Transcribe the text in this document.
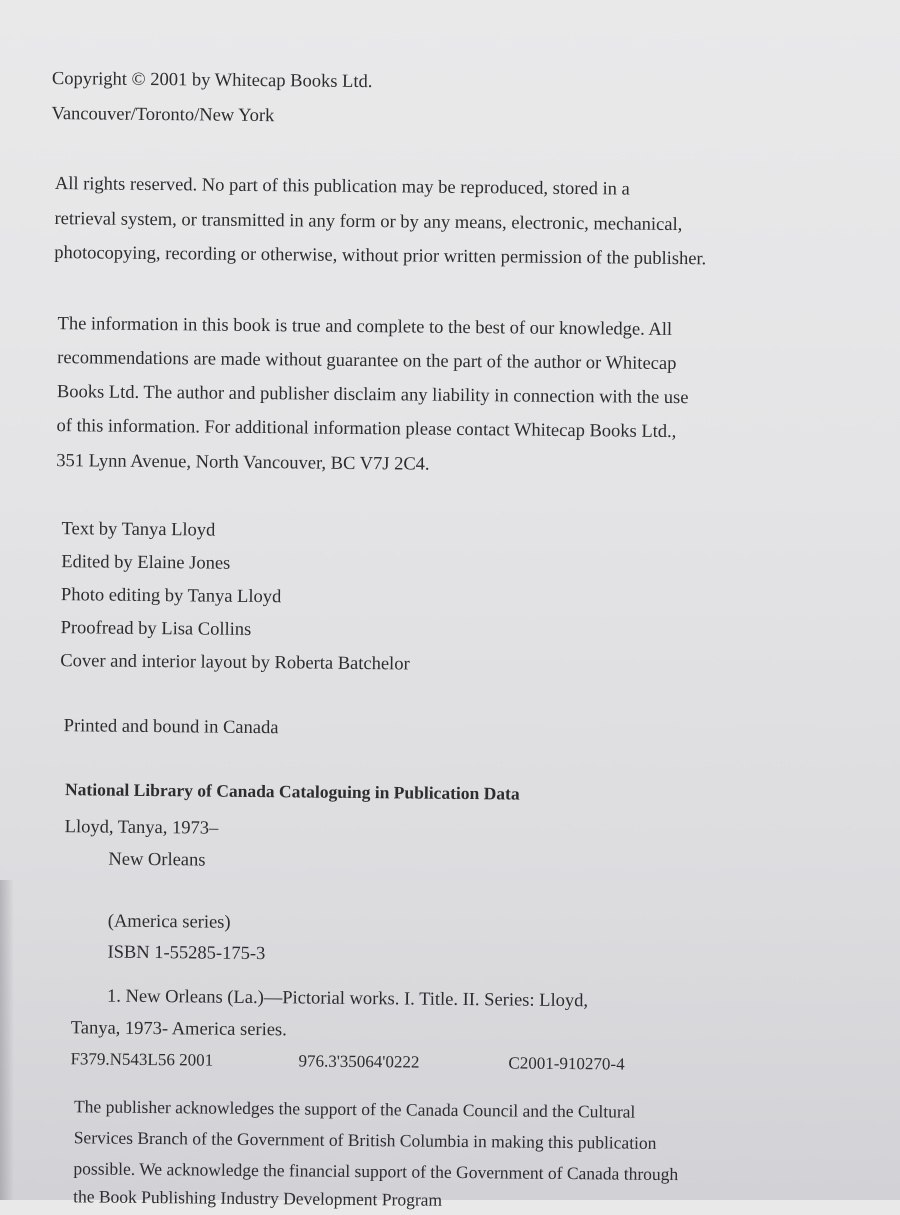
Copyright © 2001 by Whitecap Books Ltd.
Vancouver/Toronto/New York
All rights reserved. No part of this publication may be reproduced, stored in a
retrieval system, or transmitted in any form or by any means, electronic, mechanical,
photocopying, recording or otherwise, without prior written permission of the publisher.
The information in this book is true and complete to the best of our knowledge. All
recommendations are made without guarantee on the part of the author or Whitecap
Books Ltd. The author and publisher disclaim any liability in connection with the use
of this information. For additional information please contact Whitecap Books Ltd.,
351 Lynn Avenue, North Vancouver, BC V7J 2C4.
Text by Tanya Lloyd
Edited by Elaine Jones
Photo editing by Tanya Lloyd
Proofread by Lisa Collins
Cover and interior layout by Roberta Batchelor
Printed and bound in Canada
National Library of Canada Cataloguing in Publication Data
Lloyd, Tanya, 1973–
New Orleans
(America series)
ISBN 1-55285-175-3
1. New Orleans (La.)—Pictorial works. I. Title. II. Series: Lloyd,
Tanya, 1973- America series.
F379.N543L56 2001	976.3'35064'0222	C2001-910270-4
The publisher acknowledges the support of the Canada Council and the Cultural
Services Branch of the Government of British Columbia in making this publication
possible. We acknowledge the financial support of the Government of Canada through
the Book Publishing Industry Development Program
